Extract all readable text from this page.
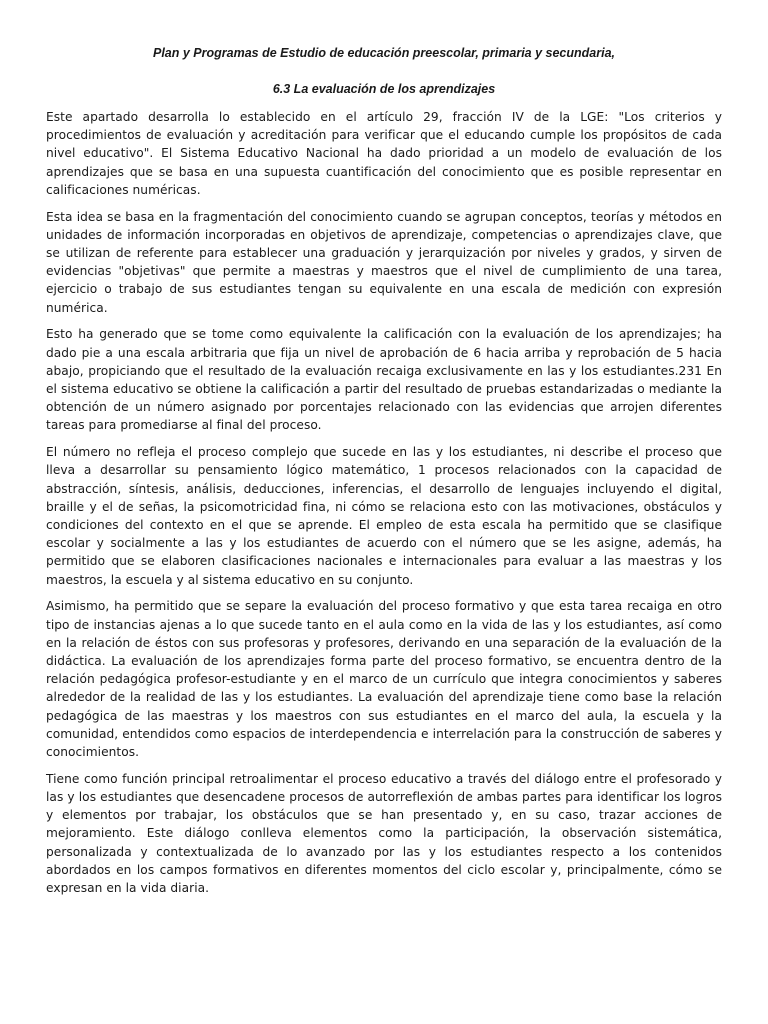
Plan y Programas de Estudio de educación preescolar, primaria y secundaria,

6.3 La evaluación de los aprendizajes

Este apartado desarrolla lo establecido en el artículo 29, fracción IV de la LGE: "Los criterios y procedimientos de evaluación y acreditación para verificar que el educando cumple los propósitos de cada nivel educativo". El Sistema Educativo Nacional ha dado prioridad a un modelo de evaluación de los aprendizajes que se basa en una supuesta cuantificación del conocimiento que es posible representar en calificaciones numéricas.

Esta idea se basa en la fragmentación del conocimiento cuando se agrupan conceptos, teorías y métodos en unidades de información incorporadas en objetivos de aprendizaje, competencias o aprendizajes clave, que se utilizan de referente para establecer una graduación y jerarquización por niveles y grados, y sirven de evidencias "objetivas" que permite a maestras y maestros que el nivel de cumplimiento de una tarea, ejercicio o trabajo de sus estudiantes tengan su equivalente en una escala de medición con expresión numérica.

Esto ha generado que se tome como equivalente la calificación con la evaluación de los aprendizajes; ha dado pie a una escala arbitraria que fija un nivel de aprobación de 6 hacia arriba y reprobación de 5 hacia abajo, propiciando que el resultado de la evaluación recaiga exclusivamente en las y los estudiantes.231 En el sistema educativo se obtiene la calificación a partir del resultado de pruebas estandarizadas o mediante la obtención de un número asignado por porcentajes relacionado con las evidencias que arrojen diferentes tareas para promediarse al final del proceso.

El número no refleja el proceso complejo que sucede en las y los estudiantes, ni describe el proceso que lleva a desarrollar su pensamiento lógico matemático, 1 procesos relacionados con la capacidad de abstracción, síntesis, análisis, deducciones, inferencias, el desarrollo de lenguajes incluyendo el digital, braille y el de señas, la psicomotricidad fina, ni cómo se relaciona esto con las motivaciones, obstáculos y condiciones del contexto en el que se aprende. El empleo de esta escala ha permitido que se clasifique escolar y socialmente a las y los estudiantes de acuerdo con el número que se les asigne, además, ha permitido que se elaboren clasificaciones nacionales e internacionales para evaluar a las maestras y los maestros, la escuela y al sistema educativo en su conjunto.

Asimismo, ha permitido que se separe la evaluación del proceso formativo y que esta tarea recaiga en otro tipo de instancias ajenas a lo que sucede tanto en el aula como en la vida de las y los estudiantes, así como en la relación de éstos con sus profesoras y profesores, derivando en una separación de la evaluación de la didáctica. La evaluación de los aprendizajes forma parte del proceso formativo, se encuentra dentro de la relación pedagógica profesor-estudiante y en el marco de un currículo que integra conocimientos y saberes alrededor de la realidad de las y los estudiantes. La evaluación del aprendizaje tiene como base la relación pedagógica de las maestras y los maestros con sus estudiantes en el marco del aula, la escuela y la comunidad, entendidos como espacios de interdependencia e interrelación para la construcción de saberes y conocimientos.

Tiene como función principal retroalimentar el proceso educativo a través del diálogo entre el profesorado y las y los estudiantes que desencadene procesos de autorreflexión de ambas partes para identificar los logros y elementos por trabajar, los obstáculos que se han presentado y, en su caso, trazar acciones de mejoramiento. Este diálogo conlleva elementos como la participación, la observación sistemática, personalizada y contextualizada de lo avanzado por las y los estudiantes respecto a los contenidos abordados en los campos formativos en diferentes momentos del ciclo escolar y, principalmente, cómo se expresan en la vida diaria.
